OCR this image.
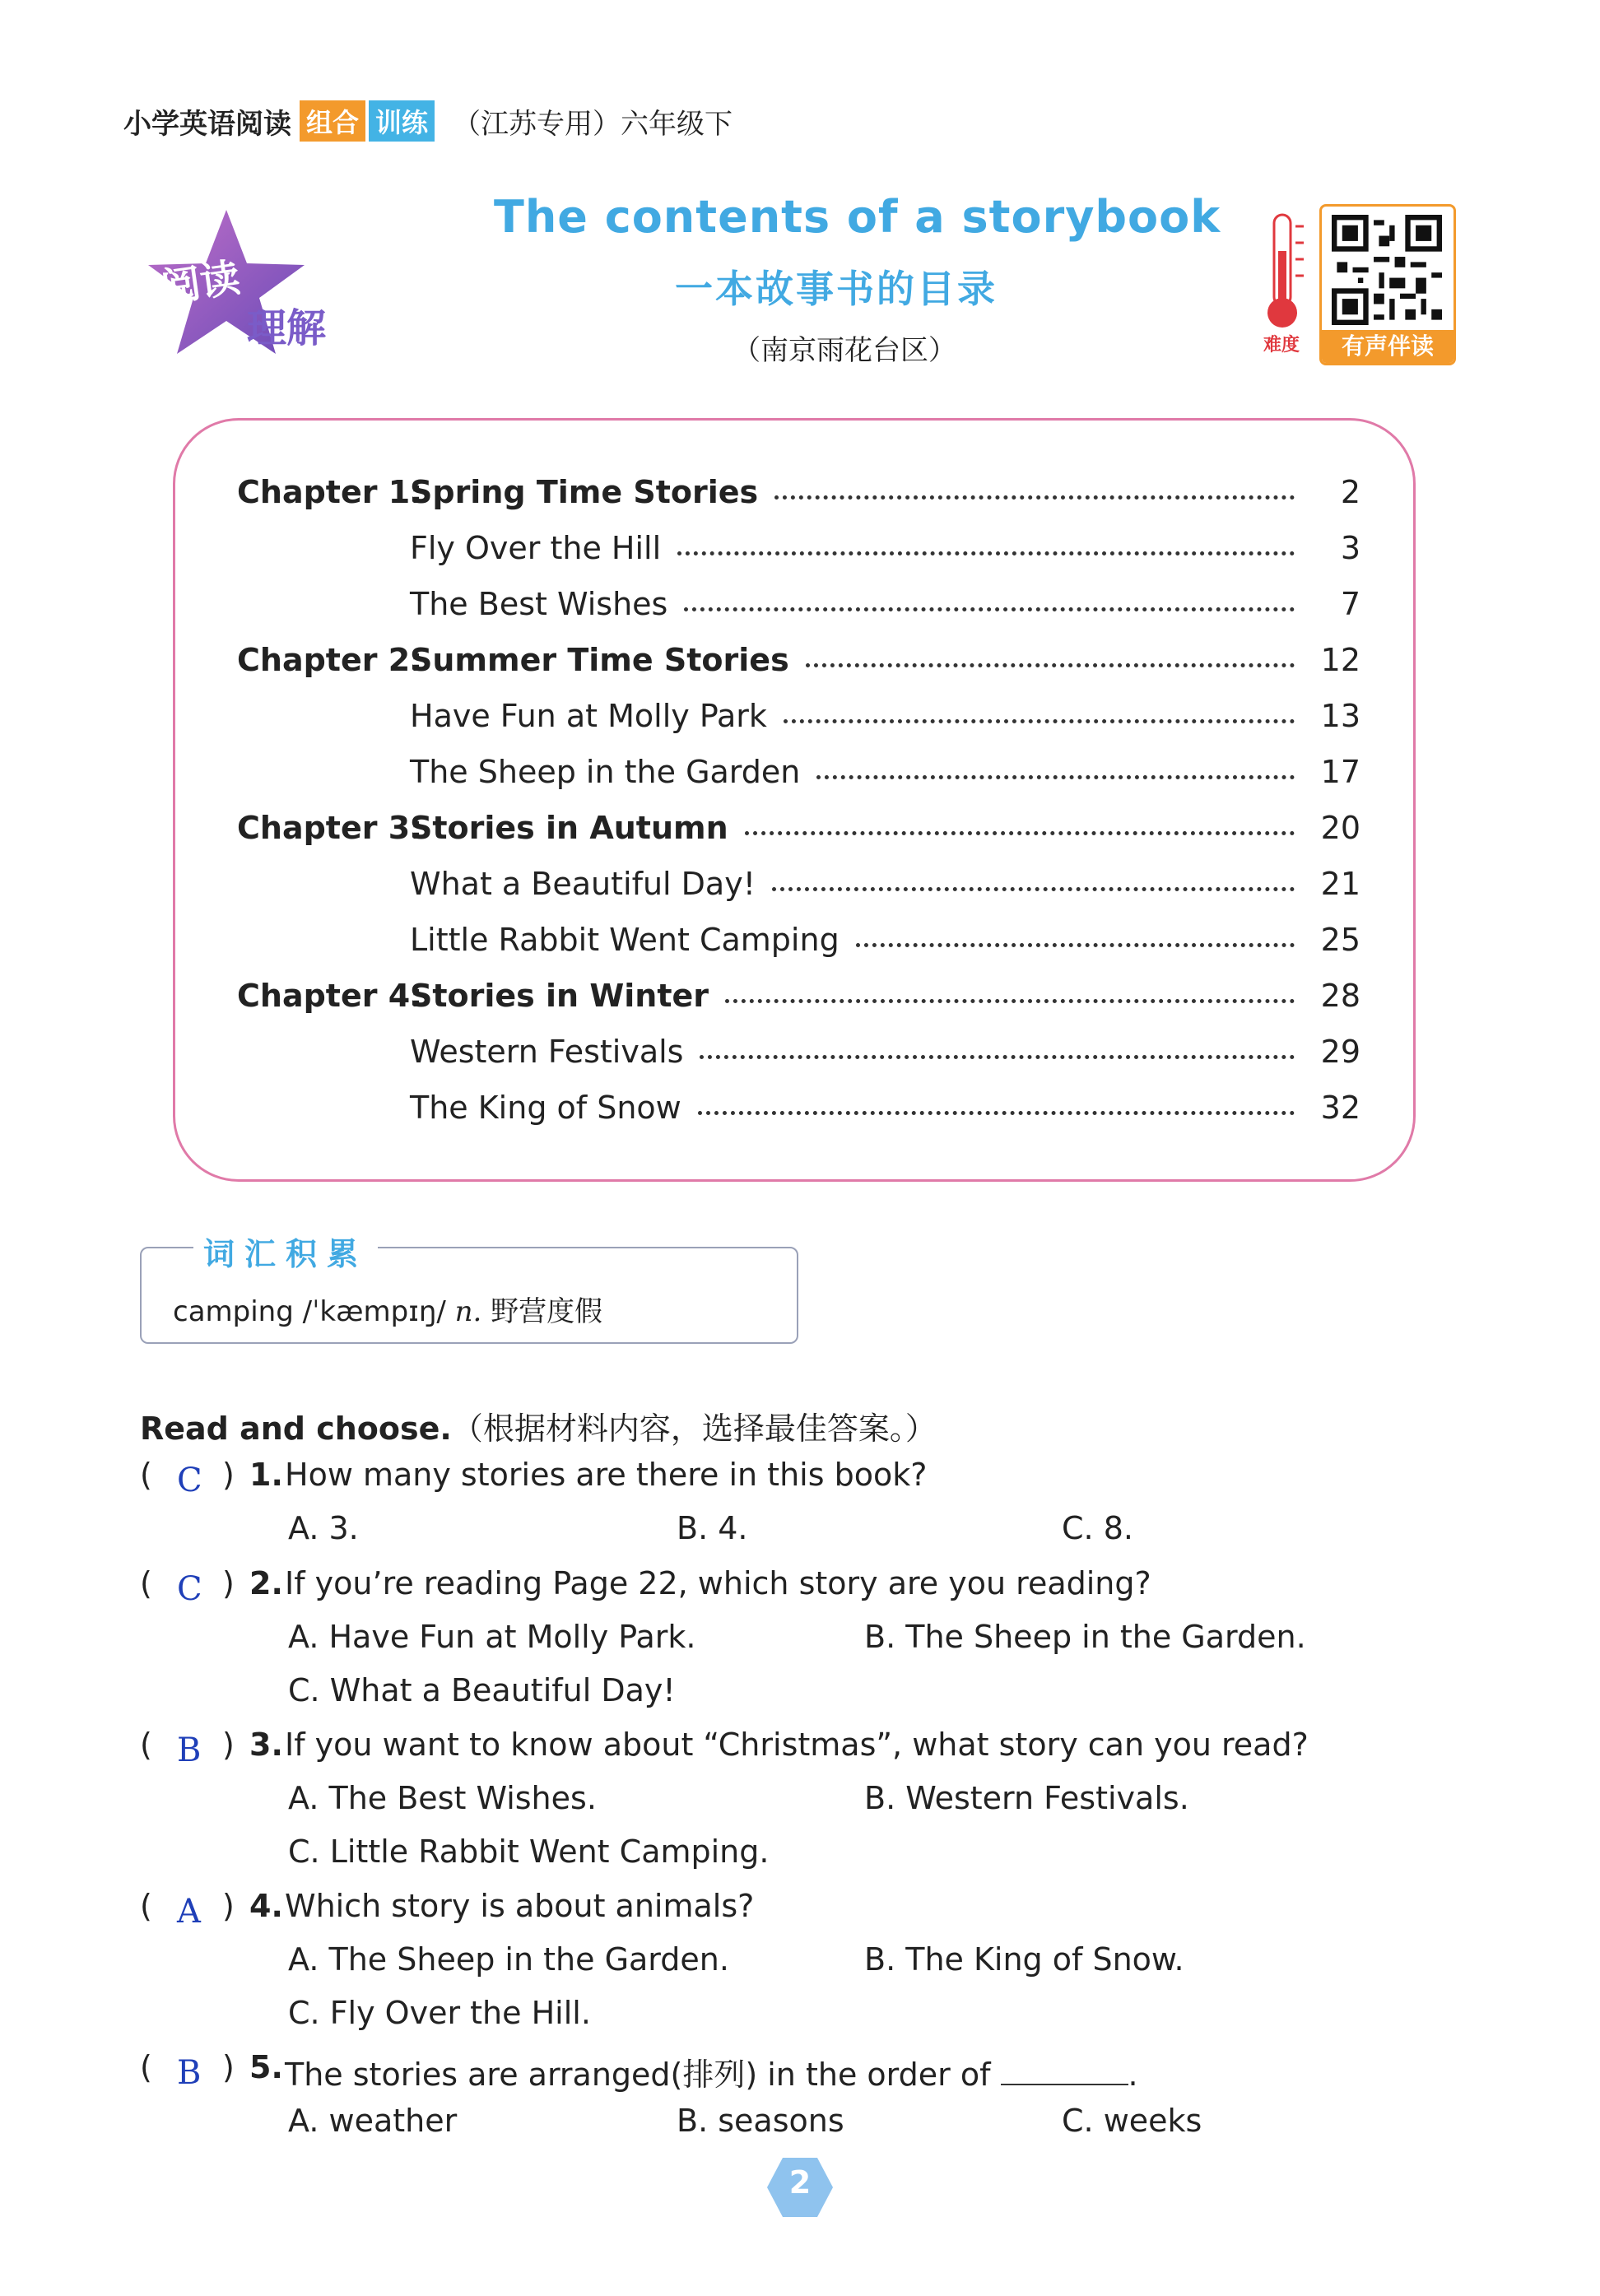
小学英语阅读 组合 训练 （江苏专用）六年级下
阅读
理解
The contents of a storybook
一本故事书的目录
（南京雨花台区）	难度	有声伴读
Chapter 1:
Spring Time Stories	2
Fly Over the Hill	3
The Best Wishes	7
Chapter 2:
Summer Time Stories	12
Have Fun at Molly Park	13
The Sheep in the Garden	17
Chapter 3:
Stories in Autumn	20
What a Beautiful Day!	21
Little Rabbit Went Camping	25
Chapter 4:
Stories in Winter	28
Western Festivals	29
The King of Snow	32
词汇积累
camping /ˈkæmpɪŋ/ n. 野营度假
Read and choose.（根据材料内容，选择最佳答案。）
( C ) 1. How many stories are there in this book?
A. 3.	B. 4.	C. 8.
( C ) 2. If you’re reading Page 22, which story are you reading?
A. Have Fun at Molly Park.	B. The Sheep in the Garden.
C. What a Beautiful Day!
( B ) 3. If you want to know about “Christmas”, what story can you read?
A. The Best Wishes.	B. Western Festivals.
C. Little Rabbit Went Camping.
( A ) 4. Which story is about animals?
A. The Sheep in the Garden.	B. The King of Snow.
C. Fly Over the Hill.
( B ) 5. The stories are arranged(排列) in the order of	.
A. weather	B. seasons	C. weeks
2
